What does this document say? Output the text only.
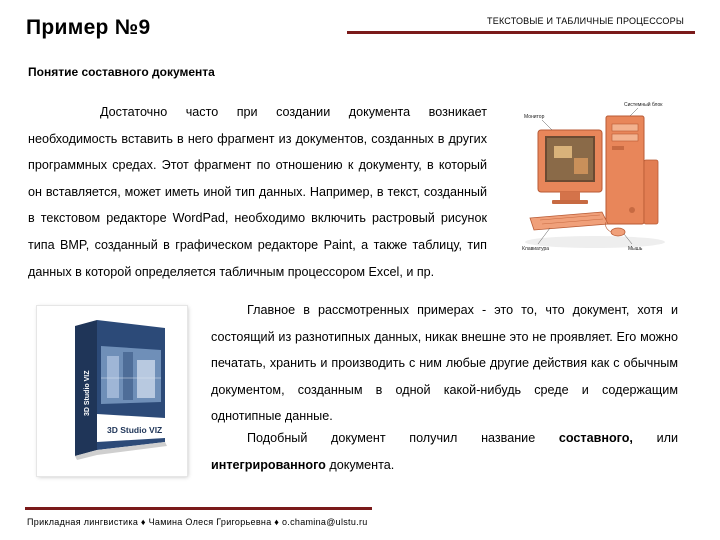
Пример №9	ТЕКСТОВЫЕ И ТАБЛИЧНЫЕ ПРОЦЕССОРЫ
Понятие составного документа

Достаточно часто при создании документа возникает необходимость вставить в него фрагмент из документов, созданных в других программных средах. Этот фрагмент по отношению к документу, в который он вставляется, может иметь иной тип данных. Например, в текст, созданный в текстовом редакторе WordPad, необходимо включить растровый рисунок типа BMP, созданный в графическом редакторе Paint, а также таблицу, тип данных в которой определяется табличным процессором Excel, и пр.

Монитор
Системный блок
Клавиатура	Мышь
3D Studio VIZ
3D Studio VIZ

Главное в рассмотренных примерах - это то, что документ, хотя и состоящий из разнотипных данных, никак внешне это не проявляет. Его можно печатать, хранить и производить с ним любые другие действия как с обычным документом, созданным в одной какой-нибудь среде и содержащим однотипные данные.

Подобный документ получил название составного, или интегрированного документа.

Прикладная лингвистика ♦ Чамина Олеся Григорьевна ♦ o.chamina@ulstu.ru
